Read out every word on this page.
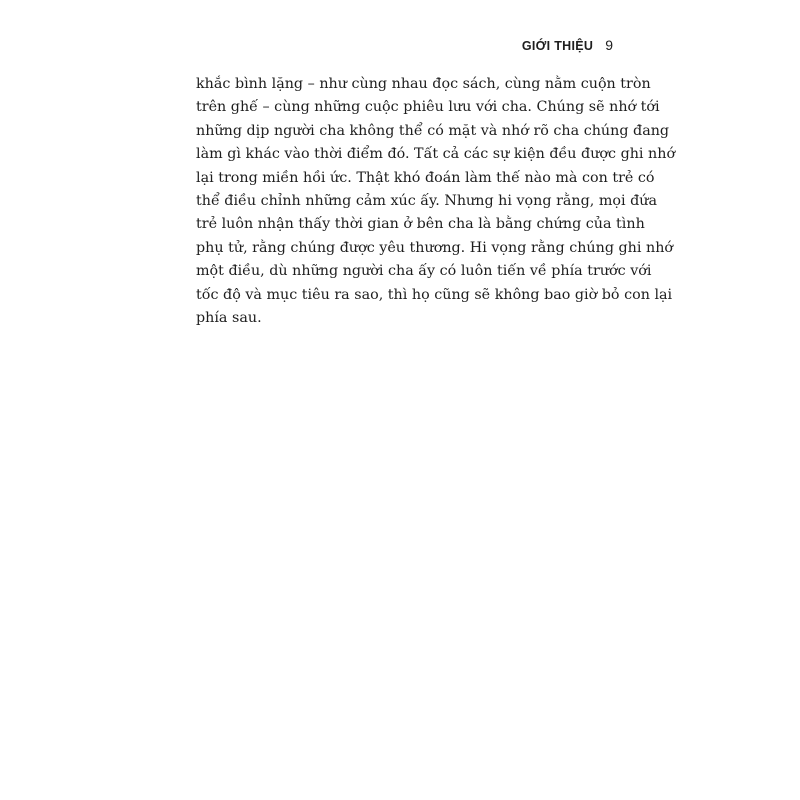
GIỚI THIỆU 9
khắc bình lặng – như cùng nhau đọc sách, cùng nằm cuộn tròn
trên ghế – cùng những cuộc phiêu lưu với cha. Chúng sẽ nhớ tới
những dịp người cha không thể có mặt và nhớ rõ cha chúng đang
làm gì khác vào thời điểm đó. Tất cả các sự kiện đều được ghi nhớ
lại trong miền hồi ức. Thật khó đoán làm thế nào mà con trẻ có
thể điều chỉnh những cảm xúc ấy. Nhưng hi vọng rằng, mọi đứa
trẻ luôn nhận thấy thời gian ở bên cha là bằng chứng của tình
phụ tử, rằng chúng được yêu thương. Hi vọng rằng chúng ghi nhớ
một điều, dù những người cha ấy có luôn tiến về phía trước với
tốc độ và mục tiêu ra sao, thì họ cũng sẽ không bao giờ bỏ con lại
phía sau.
